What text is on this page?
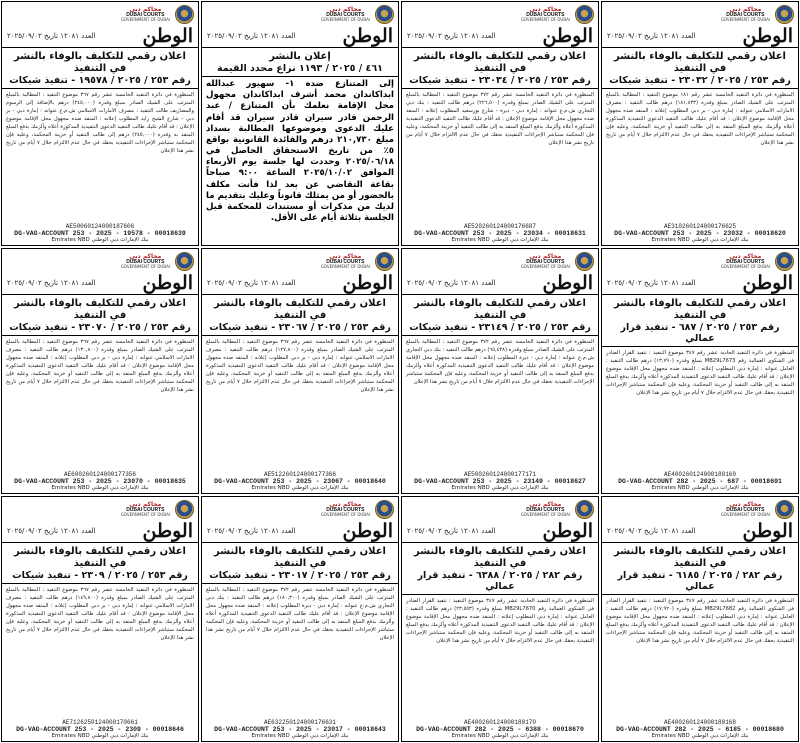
محاكم دبي
DUBAI COURTS
GOVERNMENT OF DUBAI
الوطن
العدد ١٢٠٨١ تاريخ ٢٠٢٥/٠٩/٠٢
اعلان رقمي للتكليف بالوفاء بالنشر في التنفيذ
رقم ٢٥٣ / ٢٠٢٥ / ١٩٥٧٨ - تنفيذ شيكات
المنظورة في دائرة التنفيذ الخامسة عشر رقم ٣٦٧ موضوع التنفيذ : المطالبة بالمبلغ المترتب على الشيك الصادر بمبلغ وقدره (٢٤٥,٠٠٠) درهم بالإضافة إلى الرسوم والمصاريف طالب التنفيذ : مصرف الامارات الاسلامي ش.م.ع عنوانه : إمارة دبي - بر دبي - شارع الشيخ زايد المطلوب إعلانه : المنفذ ضده مجهول محل الإقامة موضوع الإعلان : قد أقام عليك طالب التنفيذ الدعوى التنفيذية المذكورة أعلاه وألزمك بدفع المبلغ المنفذ به وقدره (٢٤٥,٠٠٠) درهم إلى طالب التنفيذ أو خزينة المحكمة، وعليه فإن المحكمة ستباشر الإجراءات التنفيذية بحقك في حال عدم الالتزام خلال ٧ أيام من تاريخ نشر هذا الإعلان
AE50060124000187606
DG-VAG-ACCOUNT 253 - 2025 - 19578 - 00018639
بنك الإمارات دبي الوطني Emirates NBD
محاكم دبي
DUBAI COURTS
GOVERNMENT OF DUBAI
الوطن
العدد ١٢٠٨١ تاريخ ٢٠٢٥/٠٩/٠٢
إعلان بالنشر
٤٦١ / ٢٠٢٥ / ١١٩٣ نزاع محدد القيمة
إلى المتنازع ضده ١- سهيور عبدالله ابداكاندان محمد أشرف ابداكاندان مجهول محل الإقامة نعلمك بأن المتنازع / عبد الرحمن قادر سيران قادر سيران قد أقام عليك الدعوى وموضوعها المطالبة بسداد مبلغ ٢١٠,٧٣٠ درهم والفائدة القانونية بواقع ٥٪ من تاريخ الاستحقاق الحاصل في ٢٠٢٥/٠٦/١٨ وحددت لها جلسة يوم الأربعاء الموافق ٢٠٢٥/١٠/٠٢ الساعة ٩:٠٠ صباحاً بقاعة التقاضي عن بعد لذا فأنت مكلف بالحضور أو من يمثلك قانوناً وعليك بتقديم ما لديك من مذكرات أو مستندات للمحكمة قبل الجلسة بثلاثة أيام على الأقل.
محاكم دبي
DUBAI COURTS
GOVERNMENT OF DUBAI
الوطن
العدد ١٢٠٨١ تاريخ ٢٠٢٥/٠٩/٠٢
اعلان رقمي للتكليف بالوفاء بالنشر في التنفيذ
رقم ٢٥٣ / ٢٠٢٥ / ٢٣٠٣٤ - تنفيذ شيكات
المنظورة في دائرة التنفيذ الخامسة عشر رقم ٣٧٢ موضوع التنفيذ : المطالبة بالمبلغ المترتب على الشيك الصادر بمبلغ وقدره (٢٢٦,٥٠٠) درهم طالب التنفيذ : بنك دبي التجاري ش.م.ع عنوانه : إمارة دبي - ديرة - شارع بورسعيد المطلوب إعلانه : المنفذ ضده مجهول محل الإقامة موضوع الإعلان : قد أقام عليك طالب التنفيذ الدعوى التنفيذية المذكورة أعلاه وألزمك بدفع المبلغ المنفذ به إلى طالب التنفيذ أو خزينة المحكمة، وعليه فإن المحكمة ستباشر الإجراءات التنفيذية بحقك في حال عدم الالتزام خلال ٧ أيام من تاريخ نشر هذا الإعلان
AE520260124000176687
DG-VAG-ACCOUNT 253 - 2025 - 23034 - 00018631
بنك الإمارات دبي الوطني Emirates NBD
محاكم دبي
DUBAI COURTS
GOVERNMENT OF DUBAI
الوطن
العدد ١٢٠٨١ تاريخ ٢٠٢٥/٠٩/٠٢
اعلان رقمي للتكليف بالوفاء بالنشر في التنفيذ
رقم ٢٥٣ / ٢٠٢٥ / ٢٣٠٣٢ - تنفيذ شيكات
المنظورة في دائرة التنفيذ الخامسة عشر رقم ١٨١ موضوع التنفيذ : المطالبة بالمبلغ المترتب على الشيك الصادر بمبلغ وقدره (١٨١,٨٣٣) درهم طالب التنفيذ : مصرف الامارات الاسلامي عنوانه : إمارة دبي - بر دبي المطلوب إعلانه : المنفذ ضده مجهول محل الإقامة موضوع الإعلان : قد أقام عليك طالب التنفيذ الدعوى التنفيذية المذكورة أعلاه وألزمك بدفع المبلغ المنفذ به إلى طالب التنفيذ أو خزينة المحكمة، وعليه فإن المحكمة ستباشر الإجراءات التنفيذية بحقك في حال عدم الالتزام خلال ٧ أيام من تاريخ نشر هذا الإعلان
AE310260124000176625
DG-VAG-ACCOUNT 253 - 2025 - 23032 - 00018620
بنك الإمارات دبي الوطني Emirates NBD
محاكم دبي
DUBAI COURTS
GOVERNMENT OF DUBAI
الوطن
العدد ١٢٠٨١ تاريخ ٢٠٢٥/٠٩/٠٢
اعلان رقمي للتكليف بالوفاء بالنشر في التنفيذ
رقم ٢٥٣ / ٢٠٢٥ / ٢٣٠٧٠ - تنفيذ شيكات
المنظورة في دائرة التنفيذ الخامسة عشر رقم ٣٦٧ موضوع التنفيذ : المطالبة بالمبلغ المترتب على الشيك الصادر بمبلغ وقدره (١٣٠,٨٠٠) درهم طالب التنفيذ : مصرف الامارات الاسلامي عنوانه : إمارة دبي - بر دبي المطلوب إعلانه : المنفذ ضده مجهول محل الإقامة موضوع الإعلان : قد أقام عليك طالب التنفيذ الدعوى التنفيذية المذكورة أعلاه وألزمك بدفع المبلغ المنفذ به إلى طالب التنفيذ أو خزينة المحكمة، وعليه فإن المحكمة ستباشر الإجراءات التنفيذية بحقك في حال عدم الالتزام خلال ٧ أيام من تاريخ نشر هذا الإعلان
AE600260124000177356
DG-VAG-ACCOUNT 253 - 2025 - 23070 - 00018635
بنك الإمارات دبي الوطني Emirates NBD
محاكم دبي
DUBAI COURTS
GOVERNMENT OF DUBAI
الوطن
العدد ١٢٠٨١ تاريخ ٢٠٢٥/٠٩/٠٢
اعلان رقمي للتكليف بالوفاء بالنشر في التنفيذ
رقم ٢٥٣ / ٢٠٢٥ / ٢٣٠٦٧ - تنفيذ شيكات
المنظورة في دائرة التنفيذ الخامسة عشر رقم ٣٦٧ موضوع التنفيذ : المطالبة بالمبلغ المترتب على الشيك الصادر بمبلغ وقدره (١٢٧,٨٠٠) درهم طالب التنفيذ : مصرف الامارات الاسلامي عنوانه : إمارة دبي - بر دبي المطلوب إعلانه : المنفذ ضده مجهول محل الإقامة موضوع الإعلان : قد أقام عليك طالب التنفيذ الدعوى التنفيذية المذكورة أعلاه وألزمك بدفع المبلغ المنفذ به إلى طالب التنفيذ أو خزينة المحكمة، وعليه فإن المحكمة ستباشر الإجراءات التنفيذية بحقك في حال عدم الالتزام خلال ٧ أيام من تاريخ نشر هذا الإعلان
AE512260124000177366
DG-VAG-ACCOUNT 253 - 2025 - 23067 - 00018640
بنك الإمارات دبي الوطني Emirates NBD
محاكم دبي
DUBAI COURTS
GOVERNMENT OF DUBAI
الوطن
العدد ١٢٠٨١ تاريخ ٢٠٢٥/٠٩/٠٢
اعلان رقمي للتكليف بالوفاء بالنشر في التنفيذ
رقم ٢٥٣ / ٢٠٢٥ / ٢٣١٤٩ - تنفيذ شيكات
المنظورة في دائرة التنفيذ الخامسة عشر رقم ٣٧٢ موضوع التنفيذ : المطالبة بالمبلغ المترتب على الشيك الصادر بمبلغ وقدره (٦٥,٤٣٨) درهم طالب التنفيذ : بنك دبي التجاري ش.م.ع عنوانه : إمارة دبي - ديرة المطلوب إعلانه : المنفذ ضده مجهول محل الإقامة موضوع الإعلان : قد أقام عليك طالب التنفيذ الدعوى التنفيذية المذكورة أعلاه وألزمك بدفع المبلغ المنفذ به إلى طالب التنفيذ أو خزينة المحكمة، وعليه فإن المحكمة ستباشر الإجراءات التنفيذية بحقك في حال عدم الالتزام خلال ٧ أيام من تاريخ نشر هذا الإعلان
AE500260124000177171
DG-VAG-ACCOUNT 253 - 2025 - 23149 - 00018627
بنك الإمارات دبي الوطني Emirates NBD
محاكم دبي
DUBAI COURTS
GOVERNMENT OF DUBAI
الوطن
العدد ١٢٠٨١ تاريخ ٢٠٢٥/٠٩/٠٢
اعلان رقمي للتكليف بالوفاء بالنشر في التنفيذ
رقم ٢٥٣ / ٢٠٢٥ / ٦٨٧ - تنفيذ قرار عمالي
المنظورة في دائرة التنفيذ الحادية عشر رقم ٣٤٧ موضوع التنفيذ : تنفيذ القرار الصادر في الشكوى العمالية رقم MB29L7673 بمبلغ وقدره (١٣,٧٩٠) درهم طالب التنفيذ : العامل عنوانه : إمارة دبي المطلوب إعلانه : المنفذ ضده مجهول محل الإقامة موضوع الإعلان : قد أقام عليك طالب التنفيذ الدعوى التنفيذية المذكورة أعلاه وألزمك بدفع المبلغ المنفذ به إلى طالب التنفيذ أو خزينة المحكمة، وعليه فإن المحكمة ستباشر الإجراءات التنفيذية بحقك في حال عدم الالتزام خلال ٧ أيام من تاريخ نشر هذا الإعلان
AE400260124000188169
DG-VAG-ACCOUNT 282 - 2025 - 687 - 00018691
بنك الإمارات دبي الوطني Emirates NBD
محاكم دبي
DUBAI COURTS
GOVERNMENT OF DUBAI
الوطن
العدد ١٢٠٨١ تاريخ ٢٠٢٥/٠٩/٠٢
اعلان رقمي للتكليف بالوفاء بالنشر في التنفيذ
رقم ٢٥٣ / ٢٠٢٥ / ٢٣٠٩ - تنفيذ شيكات
المنظورة في دائرة التنفيذ الخامسة عشر رقم ٣٦٧ موضوع التنفيذ : المطالبة بالمبلغ المترتب على الشيك الصادر بمبلغ وقدره (١٤٩,٨٠٠) درهم طالب التنفيذ : مصرف الامارات الاسلامي عنوانه : إمارة دبي - بر دبي المطلوب إعلانه : المنفذ ضده مجهول محل الإقامة موضوع الإعلان : قد أقام عليك طالب التنفيذ الدعوى التنفيذية المذكورة أعلاه وألزمك بدفع المبلغ المنفذ به إلى طالب التنفيذ أو خزينة المحكمة، وعليه فإن المحكمة ستباشر الإجراءات التنفيذية بحقك في حال عدم الالتزام خلال ٧ أيام من تاريخ نشر هذا الإعلان
AE7126250124000170661
DG-VAG-ACCOUNT 253 - 2025 - 2309 - 00018646
بنك الإمارات دبي الوطني Emirates NBD
محاكم دبي
DUBAI COURTS
GOVERNMENT OF DUBAI
الوطن
العدد ١٢٠٨١ تاريخ ٢٠٢٥/٠٩/٠٢
اعلان رقمي للتكليف بالوفاء بالنشر في التنفيذ
رقم ٢٥٣ / ٢٠٢٥ / ٢٣٠١٧ - تنفيذ شيكات
المنظورة في دائرة التنفيذ الخامسة عشر رقم ٣٧٢ موضوع التنفيذ : المطالبة بالمبلغ المترتب على الشيك الصادر بمبلغ وقدره (١٨٠,٣٠٠) درهم طالب التنفيذ : بنك دبي التجاري ش.م.ع عنوانه : إمارة دبي - ديرة المطلوب إعلانه : المنفذ ضده مجهول محل الإقامة موضوع الإعلان : قد أقام عليك طالب التنفيذ الدعوى التنفيذية المذكورة أعلاه وألزمك بدفع المبلغ المنفذ به إلى طالب التنفيذ أو خزينة المحكمة، وعليه فإن المحكمة ستباشر الإجراءات التنفيذية بحقك في حال عدم الالتزام خلال ٧ أيام من تاريخ نشر هذا الإعلان
AE632250124000176631
DG-VAG-ACCOUNT 253 - 2025 - 23017 - 00018643
بنك الإمارات دبي الوطني Emirates NBD
محاكم دبي
DUBAI COURTS
GOVERNMENT OF DUBAI
الوطن
العدد ١٢٠٨١ تاريخ ٢٠٢٥/٠٩/٠٢
اعلان رقمي للتكليف بالوفاء بالنشر في التنفيذ
رقم ٢٨٢ / ٢٠٢٥ / ٦٣٨٨ - تنفيذ قرار عمالي
المنظورة في دائرة التنفيذ الحادية عشر رقم ٣٤٧ موضوع التنفيذ : تنفيذ القرار الصادر في الشكوى العمالية رقم MB29L7670 بمبلغ وقدره (٢٣,٥٥٣) درهم طالب التنفيذ : العامل عنوانه : إمارة دبي المطلوب إعلانه : المنفذ ضده مجهول محل الإقامة موضوع الإعلان : قد أقام عليك طالب التنفيذ الدعوى التنفيذية المذكورة أعلاه وألزمك بدفع المبلغ المنفذ به إلى طالب التنفيذ أو خزينة المحكمة، وعليه فإن المحكمة ستباشر الإجراءات التنفيذية بحقك في حال عدم الالتزام خلال ٧ أيام من تاريخ نشر هذا الإعلان
AE400260124000188170
DG-VAG-ACCOUNT 282 - 2025 - 6388 - 00018670
بنك الإمارات دبي الوطني Emirates NBD
محاكم دبي
DUBAI COURTS
GOVERNMENT OF DUBAI
الوطن
العدد ١٢٠٨١ تاريخ ٢٠٢٥/٠٩/٠٢
اعلان رقمي للتكليف بالوفاء بالنشر في التنفيذ
رقم ٢٨٢ / ٢٠٢٥ / ٦١٨٥ - تنفيذ قرار عمالي
المنظورة في دائرة التنفيذ الحادية عشر رقم ٣٤٧ موضوع التنفيذ : تنفيذ القرار الصادر في الشكوى العمالية رقم MB29L7682 بمبلغ وقدره (١٧,٩٢٠) درهم طالب التنفيذ : العامل عنوانه : إمارة دبي المطلوب إعلانه : المنفذ ضده مجهول محل الإقامة موضوع الإعلان : قد أقام عليك طالب التنفيذ الدعوى التنفيذية المذكورة أعلاه وألزمك بدفع المبلغ المنفذ به إلى طالب التنفيذ أو خزينة المحكمة، وعليه فإن المحكمة ستباشر الإجراءات التنفيذية بحقك في حال عدم الالتزام خلال ٧ أيام من تاريخ نشر هذا الإعلان
AE400260124000188168
DG-VAG-ACCOUNT 282 - 2025 - 6185 - 00018680
بنك الإمارات دبي الوطني Emirates NBD
